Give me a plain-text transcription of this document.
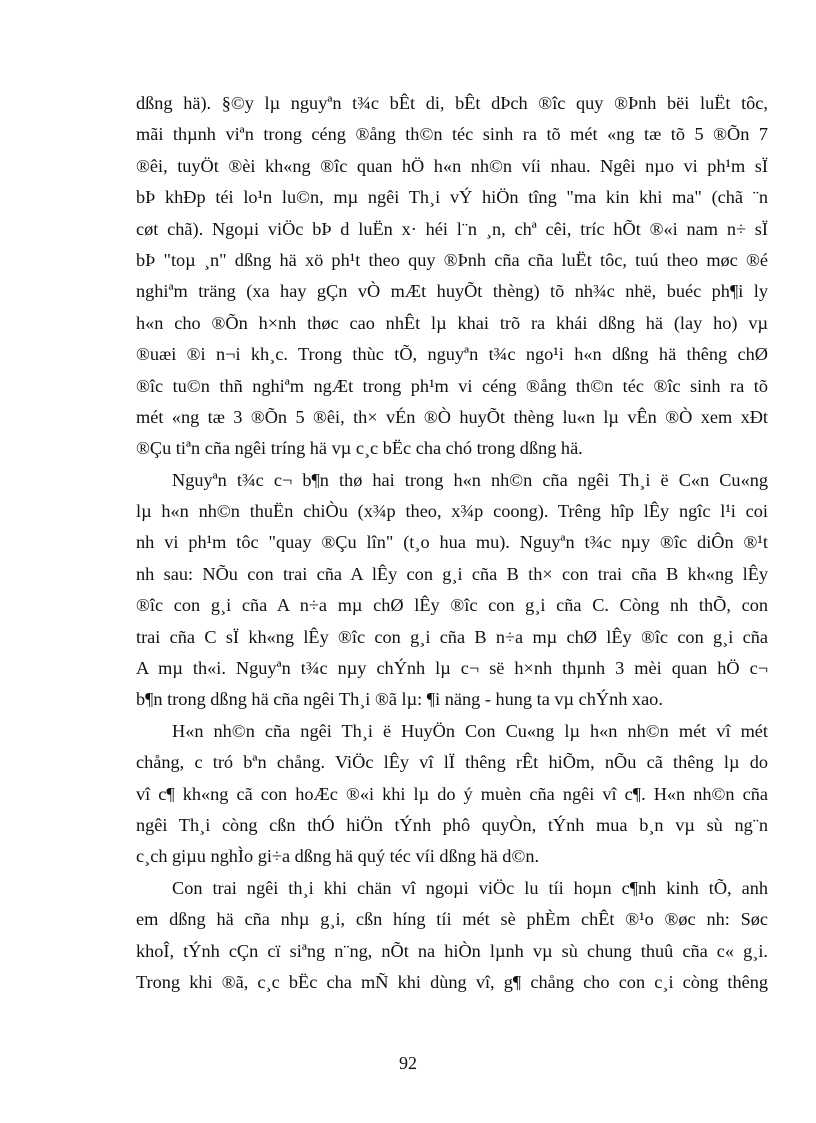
dßng hä). §©y lµ nguyªn t¾c bÊt di, bÊt dÞch ®îc quy ®Þnh bëi luËt tôc,

mãi thµnh viªn trong céng ®ång th©n téc sinh ra tõ mét «ng tæ tõ 5 ®Õn 7

®êi, tuyÖt ®èi kh«ng ®îc quan hÖ h«n nh©n víi nhau. Ngêi nµo vi ph¹m sÏ

bÞ khÐp téi lo¹n lu©n, mµ ngêi Th¸i vÝ hiÖn tîng "ma kin khi ma" (chã ¨n

cøt chã). Ngoµi viÖc bÞ d luËn x· héi l¨n ¸n, chª cêi, tríc hÕt ®«i nam n÷ sÏ

bÞ "toµ ¸n" dßng hä xö ph¹t theo quy ®Þnh cña cña luËt tôc, tuú theo møc ®é

nghiªm träng (xa hay gÇn vÒ mÆt huyÕt thèng) tõ nh¾c nhë, buéc ph¶i ly

h«n cho ®Õn h×nh thøc cao nhÊt lµ khai trõ ra khái dßng hä (lay ho) vµ

®uæi ®i n¬i kh¸c. Trong thùc tÕ, nguyªn t¾c ngo¹i h«n dßng hä thêng chØ

®îc tu©n thñ nghiªm ngÆt trong ph¹m vi céng ®ång th©n téc ®îc sinh ra tõ

mét «ng tæ 3 ®Õn 5 ®êi, th× vÉn ®Ò huyÕt thèng lu«n lµ vÊn ®Ò xem xÐt

®Çu tiªn cña ngêi tríng hä vµ c¸c bËc cha chó trong dßng hä.

Nguyªn t¾c c¬ b¶n thø hai trong h«n nh©n cña ngêi Th¸i ë C«n Cu«ng

lµ h«n nh©n thuËn chiÒu (x¾p theo, x¾p coong). Trêng hîp lÊy ngîc l¹i coi

nh vi ph¹m tôc "quay ®Çu lîn" (t¸o hua mu). Nguyªn t¾c nµy ®îc diÔn ®¹t

nh sau: NÕu con trai cña A lÊy con g¸i cña B th× con trai cña B kh«ng lÊy

®îc con g¸i cña A n÷a mµ chØ lÊy ®îc con g¸i cña C. Còng nh thÕ, con

trai cña C sÏ kh«ng lÊy ®îc con g¸i cña B n÷a mµ chØ lÊy ®îc con g¸i cña

A mµ th«i. Nguyªn t¾c nµy chÝnh lµ c¬ së h×nh thµnh 3 mèi quan hÖ c¬

b¶n trong dßng hä cña ngêi Th¸i ®ã lµ: ¶i näng - hung ta vµ chÝnh xao.

H«n nh©n cña ngêi Th¸i ë HuyÖn Con Cu«ng lµ h«n nh©n mét vî mét

chång, c tró bªn chång. ViÖc lÊy vî lÏ thêng rÊt hiÕm, nÕu cã thêng lµ do

vî c¶ kh«ng cã con hoÆc ®«i khi lµ do ý muèn cña ngêi vî c¶. H«n nh©n cña

ngêi Th¸i còng cßn thÓ hiÖn tÝnh phô quyÒn, tÝnh mua b¸n vµ sù ng¨n

c¸ch giµu nghÌo gi÷a dßng hä quý téc víi dßng hä d©n.

Con trai ngêi th¸i khi chän vî ngoµi viÖc lu tíi hoµn c¶nh kinh tÕ, anh

em dßng hä cña nhµ g¸i, cßn híng tíi mét sè phÈm chÊt ®¹o ®øc nh: Søc

khoÎ, tÝnh cÇn cï siªng n¨ng, nÕt na hiÒn lµnh vµ sù chung thuû cña c« g¸i.

Trong khi ®ã, c¸c bËc cha mÑ khi dùng vî, g¶ chång cho con c¸i còng thêng

92
